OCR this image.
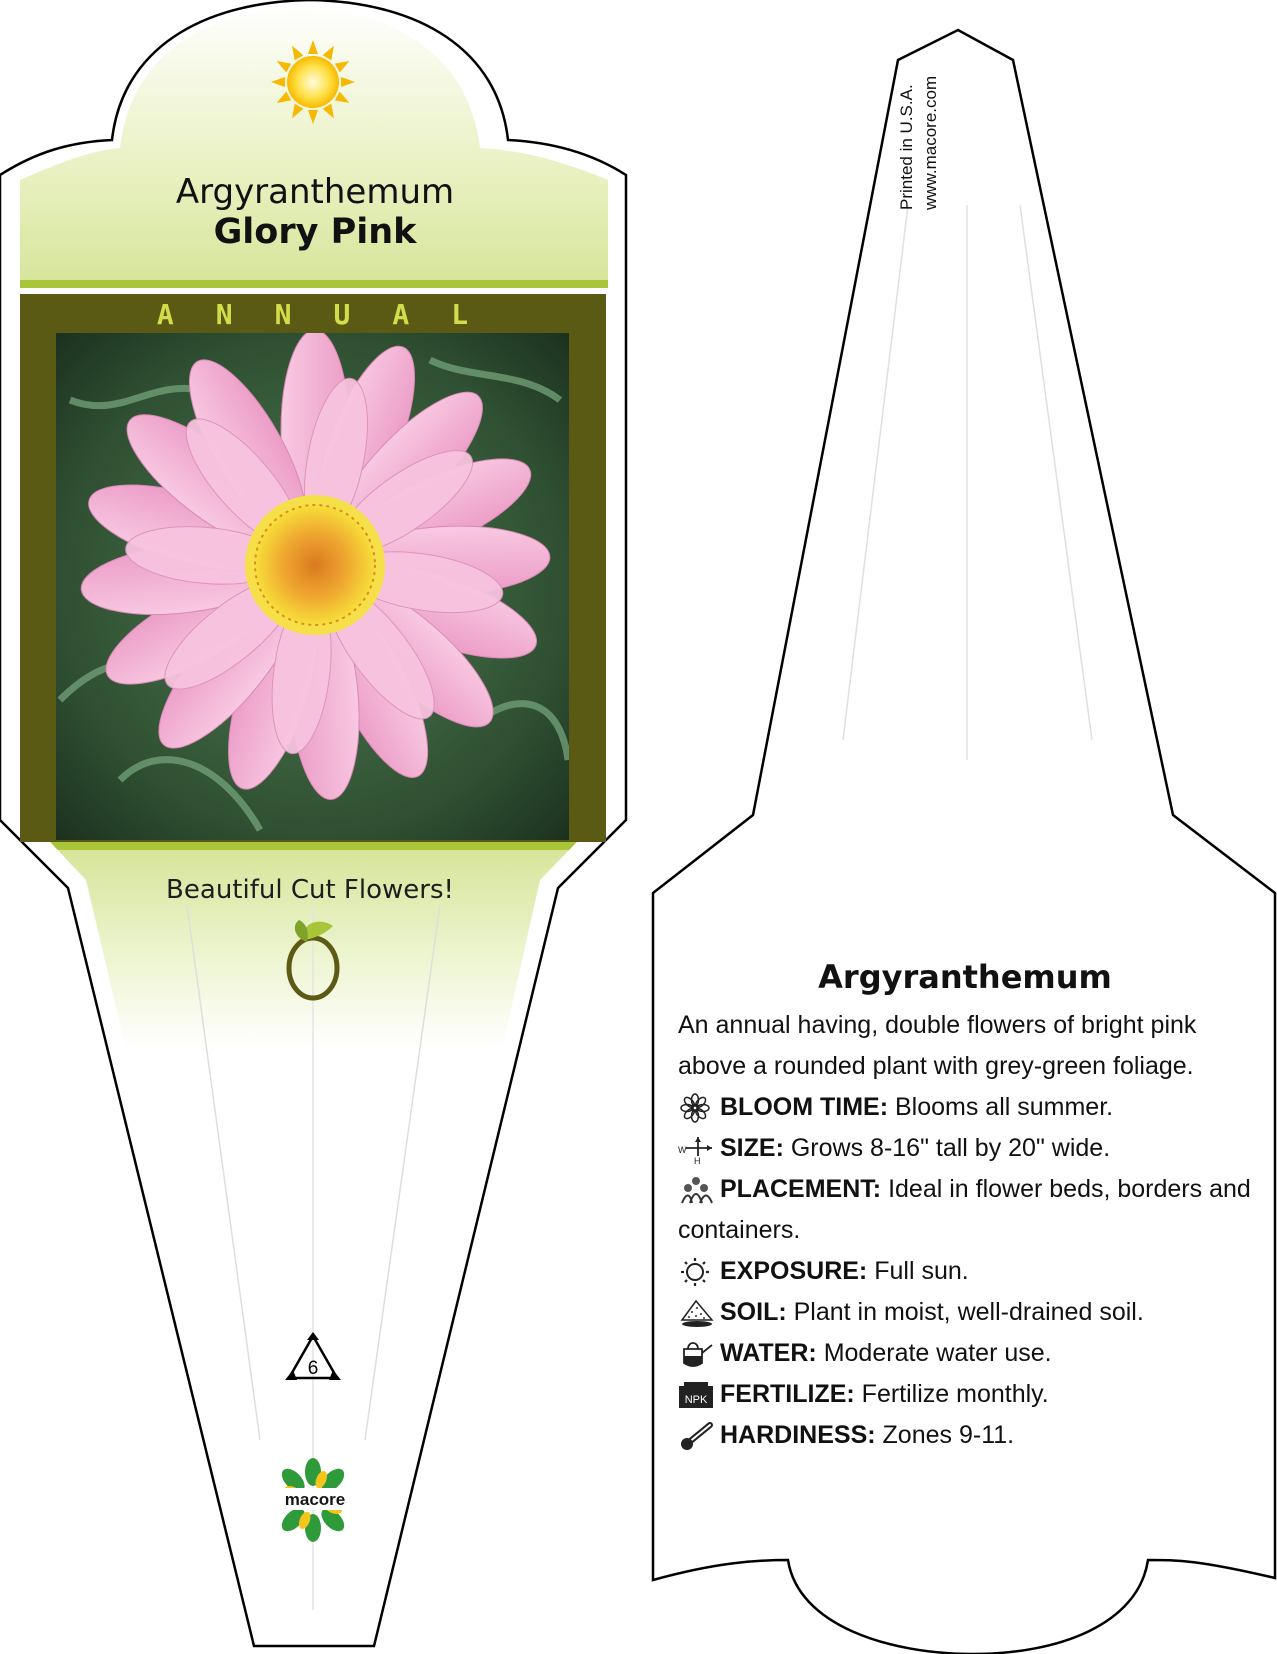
Argyranthemum
Glory Pink
ANNUAL
Beautiful Cut Flowers!
6
macore
Printed in U.S.A. www.macore.com
Argyranthemum
An annual having, double flowers of bright pink above a rounded plant with grey-green foliage.
BLOOM TIME: Blooms all summer.
W
H SIZE: Grows 8-16" tall by 20" wide.
PLACEMENT: Ideal in flower beds, borders and containers.
EXPOSURE: Full sun.
SOIL: Plant in moist, well-drained soil.
WATER: Moderate water use.
NPK FERTILIZE: Fertilize monthly.
HARDINESS: Zones 9-11.
